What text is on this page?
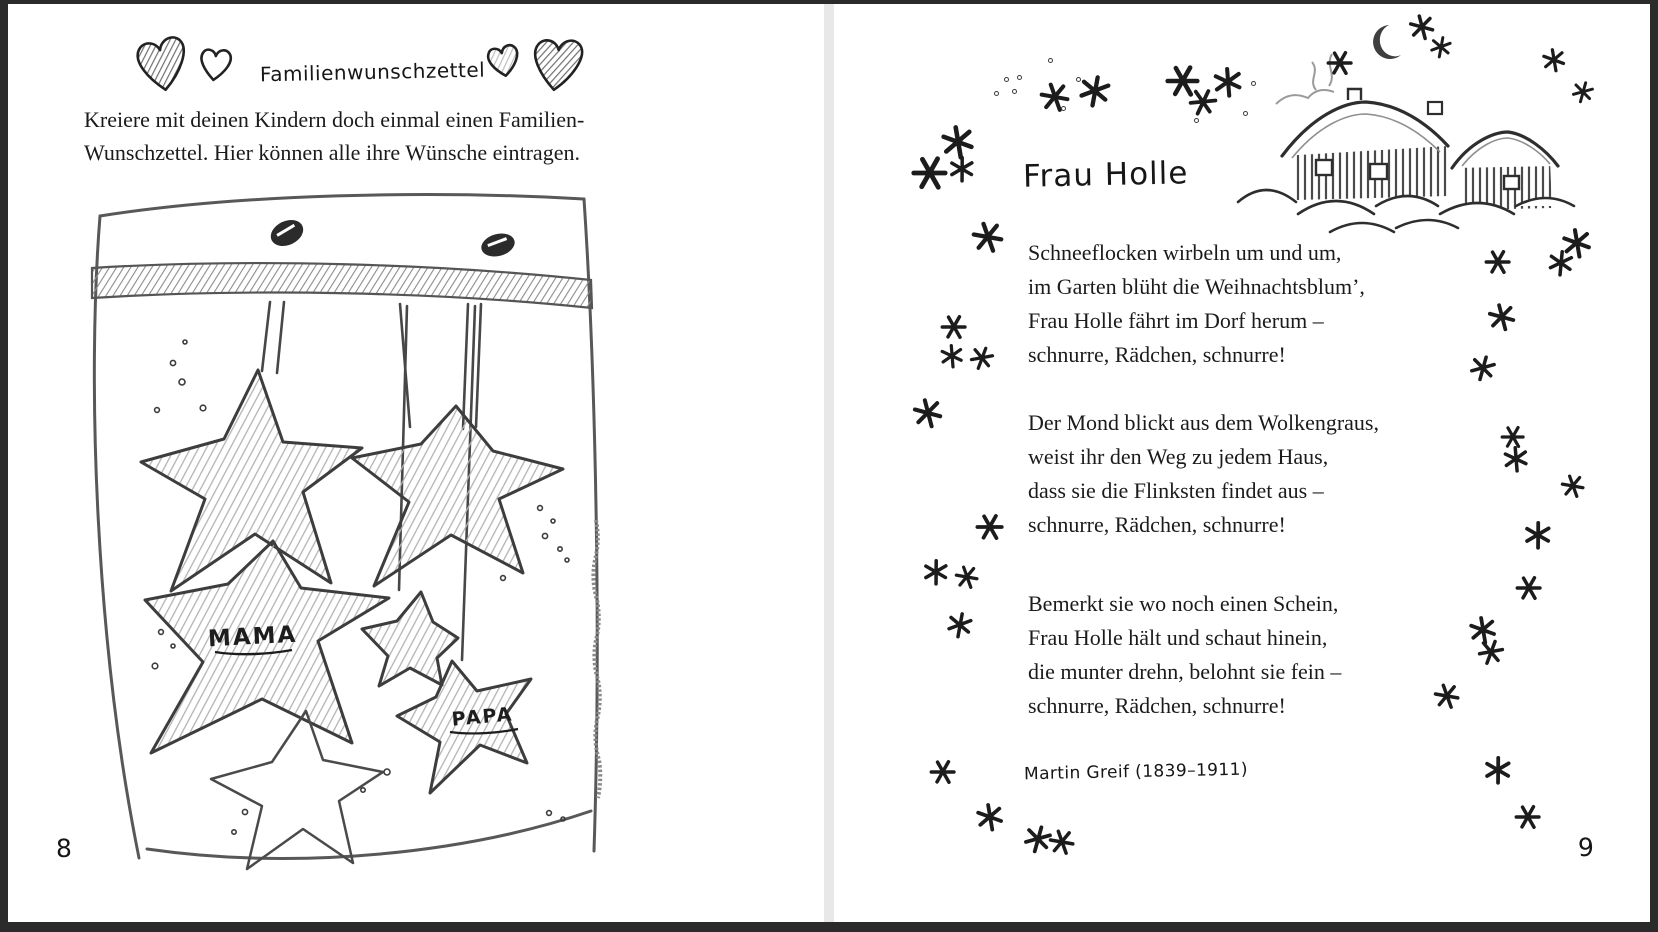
Familienwunschzettel
Kreiere mit deinen Kindern doch einmal einen Familien-
Wunschzettel. Hier können alle ihre Wünsche eintragen.
MAMA
PAPA
8
Frau Holle
Schneeflocken wirbeln um und um,
im Garten blüht die Weihnachtsblum’,
Frau Holle fährt im Dorf herum –
schnurre, Rädchen, schnurre!
Der Mond blickt aus dem Wolkengraus,
weist ihr den Weg zu jedem Haus,
dass sie die Flinksten findet aus –
schnurre, Rädchen, schnurre!
Bemerkt sie wo noch einen Schein,
Frau Holle hält und schaut hinein,
die munter drehn, belohnt sie fein –
schnurre, Rädchen, schnurre!
Martin Greif (1839–1911)
9
